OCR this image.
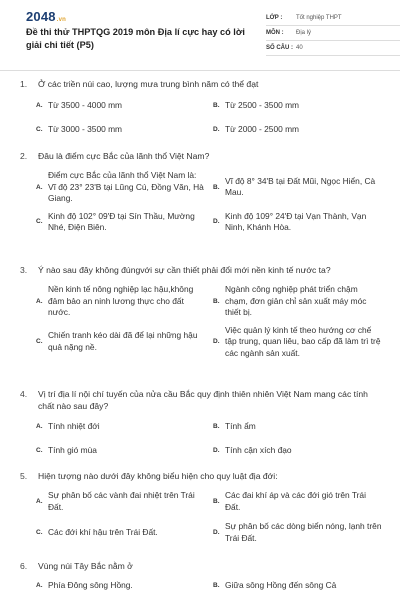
2048.vn
Đề thi thử THPTQG 2019 môn Địa lí cực hay có lời giải chi tiết (P5)
LỚP :	Tốt nghiệp THPT
MÔN :	Địa lý
SỐ CÂU : 40
1.	Ở các triền núi cao, lượng mưa trung bình năm có thể đạt
A. Từ 3500 - 4000 mm	B. Từ 2500 - 3500 mm
C. Từ 3000 - 3500 mm	D. Từ 2000 - 2500 mm
2.	Đâu là điểm cực Bắc của lãnh thổ Việt Nam?
A.
Điểm cực Bắc của lãnh thổ Việt Nam là: Vĩ độ 23° 23'B tại Lũng Cú, Đồng Văn, Hà Giang.
B.
Vĩ độ 8° 34'B tại Đất Mũi, Ngọc Hiển, Cà Mau.
C.
Kinh độ 102° 09'Đ tại Sín Thầu, Mường Nhé, Điện Biên.
D.
Kinh độ 109° 24'Đ tại Vạn Thành, Vạn Ninh, Khánh Hòa.
3.	Ý nào sau đây không đúngvới sự cần thiết phải đổi mới nền kinh tế nước ta?
A.
Nền kinh tế nông nghiệp lạc hậu,không đảm bảo an ninh lương thực cho đất nước.
B.
Ngành công nghiệp phát triển chậm chạm, đơn giản chỉ sản xuất máy móc thiết bị.
C.
Chiến tranh kéo dài đã để lại những hậu quả nặng nề.
D.
Việc quản lý kinh tế theo hướng cơ chế tập trung, quan liêu, bao cấp đã làm trì trệ các ngành sản xuất.
4.	Vị trí địa lí nội chí tuyến của nửa cầu Bắc quy định thiên nhiên Việt Nam mang các tính chất nào sau đây?
A. Tính nhiệt đới	B. Tính ẩm
C. Tính gió mùa	D. Tính cận xích đạo
5.	Hiện tượng nào dưới đây không biểu hiện cho quy luật địa đới:
A.
Sự phân bố các vành đai nhiệt trên Trái Đất.
B.
Các đai khí áp và các đới gió trên Trái Đất.
C. Các đới khí hậu trên Trái Đất.	D.
Sự phân bố các dòng biển nóng, lạnh trên Trái Đất.
6.	Vùng núi Tây Bắc nằm ở
A. Phía Đông sông Hồng.	B. Giữa sông Hồng đến sông Cả
